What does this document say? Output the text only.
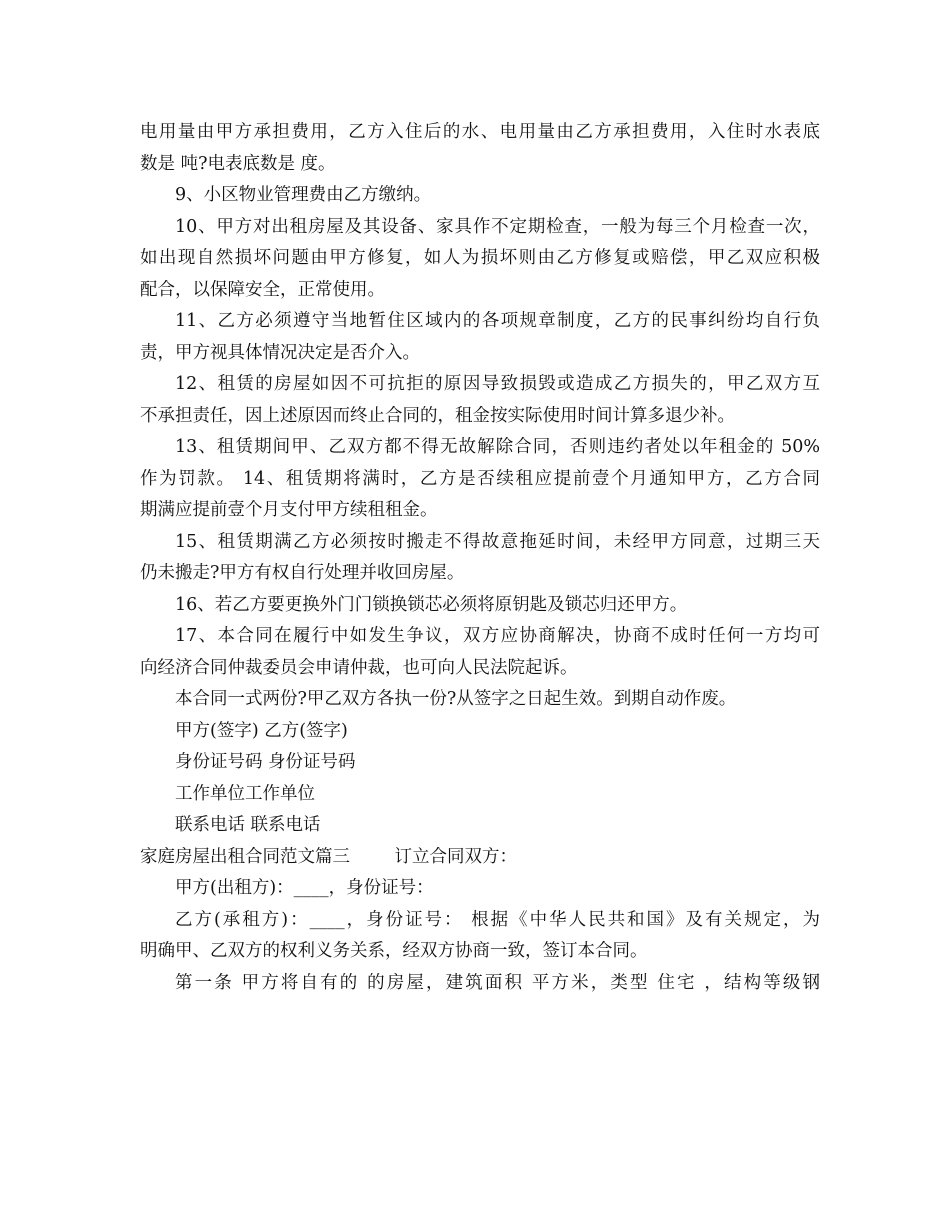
电用量由甲方承担费用，乙方入住后的水、电用量由乙方承担费用，入住时水表底
数是 吨?电表底数是 度。
9、小区物业管理费由乙方缴纳。
10、甲方对出租房屋及其设备、家具作不定期检查，一般为每三个月检查一次，
如出现自然损坏问题由甲方修复，如人为损坏则由乙方修复或赔偿，甲乙双应积极
配合，以保障安全，正常使用。
11、乙方必须遵守当地暂住区域内的各项规章制度，乙方的民事纠纷均自行负
责，甲方视具体情况决定是否介入。
12、租赁的房屋如因不可抗拒的原因导致损毁或造成乙方损失的，甲乙双方互
不承担责任，因上述原因而终止合同的，租金按实际使用时间计算多退少补。
13、租赁期间甲、乙双方都不得无故解除合同，否则违约者处以年租金的 50%
作为罚款。 14、租赁期将满时，乙方是否续租应提前壹个月通知甲方，乙方合同
期满应提前壹个月支付甲方续租租金。
15、租赁期满乙方必须按时搬走不得故意拖延时间，未经甲方同意，过期三天
仍未搬走?甲方有权自行处理并收回房屋。
16、若乙方要更换外门门锁换锁芯必须将原钥匙及锁芯归还甲方。
17、本合同在履行中如发生争议，双方应协商解决，协商不成时任何一方均可
向经济合同仲裁委员会申请仲裁，也可向人民法院起诉。
本合同一式两份?甲乙双方各执一份?从签字之日起生效。到期自动作废。
甲方(签字) 乙方(签字)
身份证号码 身份证号码
工作单位工作单位
联系电话 联系电话
家庭房屋出租合同范文篇三        订立合同双方：
甲方(出租方)：____，身份证号：
乙方(承租方)：____，身份证号： 根据《中华人民共和国》及有关规定，为
明确甲、乙双方的权利义务关系，经双方协商一致，签订本合同。
第一条 甲方将自有的 的房屋，建筑面积 平方米，类型 住宅 ，结构等级钢
